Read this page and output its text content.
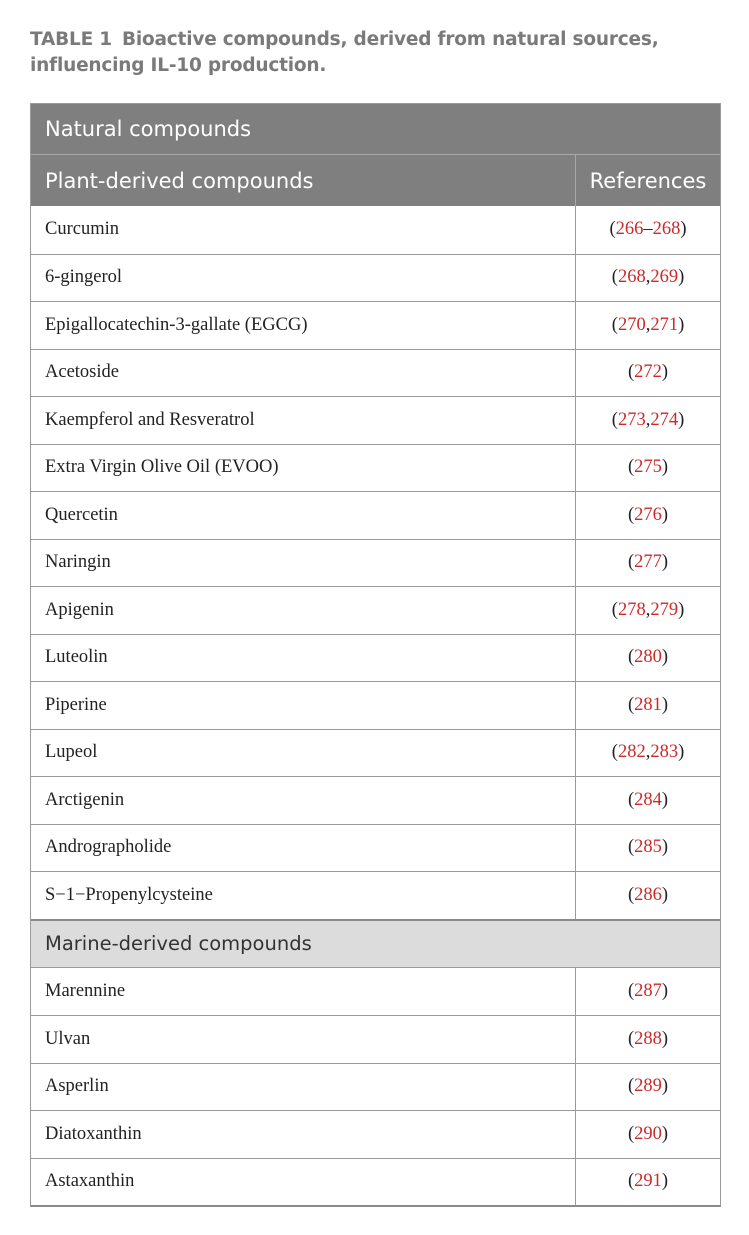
TABLE 1 Bioactive compounds, derived from natural sources, influencing IL-10 production.
Natural compounds
Plant-derived compounds	References
Curcumin	( 266 – 268 )
6-gingerol	( 268 , 269 )
Epigallocatechin-3-gallate (EGCG)	( 270 , 271 )
Acetoside	( 272 )
Kaempferol and Resveratrol	( 273 , 274 )
Extra Virgin Olive Oil (EVOO)	( 275 )
Quercetin	( 276 )
Naringin	( 277 )
Apigenin	( 278 , 279 )
Luteolin	( 280 )
Piperine	( 281 )
Lupeol	( 282 , 283 )
Arctigenin	( 284 )
Andrographolide	( 285 )
S−1−Propenylcysteine	( 286 )
Marine-derived compounds
Marennine	( 287 )
Ulvan	( 288 )
Asperlin	( 289 )
Diatoxanthin	( 290 )
Astaxanthin	( 291 )
